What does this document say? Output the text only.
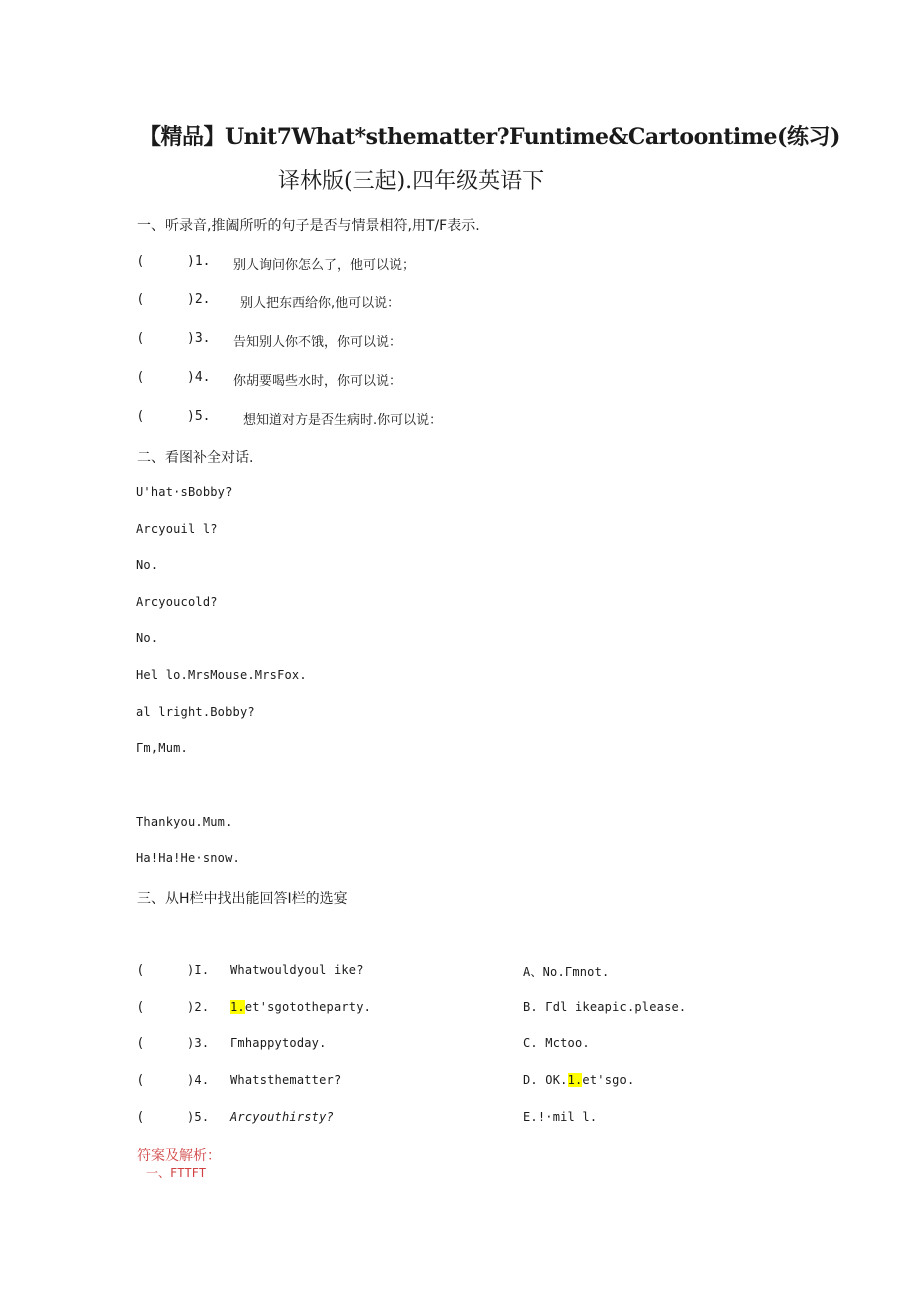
【精品】Unit7What*sthematter?Funtime&Cartoontime(练习)
译林版(三起).四年级英语下
一、听录音,推阖所听的句子是否与情景相符,用T/F表示.
(	)1. 别人询问你怎么了，他可以说；
(	)2. 别人把东西给你,他可以说：
(	)3. 告知别人你不饿，你可以说：
(	)4. 你胡要喝些水时，你可以说：
(	)5.	想知道对方是否生病时.你可以说：
二、看图补全对话.
U'hat·sBobby?
Arcyouil l?
No.
Arcyoucold?
No.
Hel lo.MrsMouse.MrsFox.
al lright.Bobby?
Γm,Mum.
Thankyou.Mum.
Ha!Ha!He·snow.
三、从H栏中找出能回答I栏的选宴
(	)I. Whatwouldyoul ike?	A、No.Γmnot.
(	)2. 1.et'sgototheparty.	B. Γdl ikeapic.please.
(	)3. Γmhappytoday.	C. Mctoo.
(	)4. Whatsthematter?	D. OK.1.et'sgo.
(	)5. Arcyouthirsty?	E.!·mil l.
符案及解析：
一、FTTFT
